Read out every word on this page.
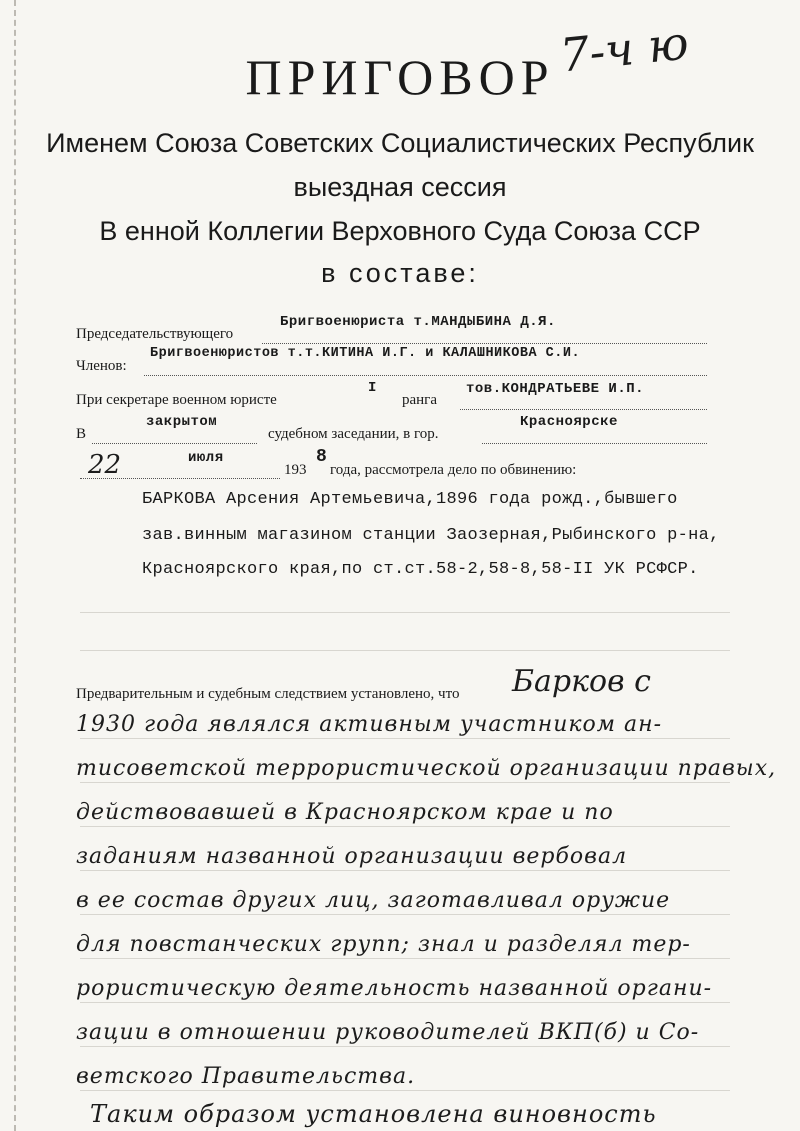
ПРИГОВОР 7-ч ю
Именем Союза Советских Социалистических Республик
выездная сессия
В енной Коллегии Верховного Суда Союза ССР
в составе:
Председательствующего
Бригвоенюриста т.МАНДЫБИНА Д.Я.
Членов:
Бригвоенюристов т.т.КИТИНА И.Г. и КАЛАШНИКОВА С.И.
При секретаре военном юристе
I
ранга
тов.КОНДРАТЬЕВЕ И.П.
В
закрытом
судебном заседании, в гор.
Красноярске
22	июля
193
8
года, рассмотрела дело по обвинению:
БАРКОВА Арсения Артемьевича,1896 года рожд.,бывшего
зав.винным магазином станции Заозерная,Рыбинского р-на,
Красноярского края,по ст.ст.58-2,58-8,58-II УК РСФСР.
Предварительным и судебным следствием установлено, что Барков с
1930 года являлся активным участником ан-
тисоветской террористической организации правых,
действовавшей в Красноярском крае и по
заданиям названной организации вербовал
в ее состав других лиц, заготавливал оружие
для повстанческих групп; знал и разделял тер-
рористическую деятельность названной органи-
зации в отношении руководителей ВКП(б) и Со-
ветского Правительства.
Таким образом установлена виновность
